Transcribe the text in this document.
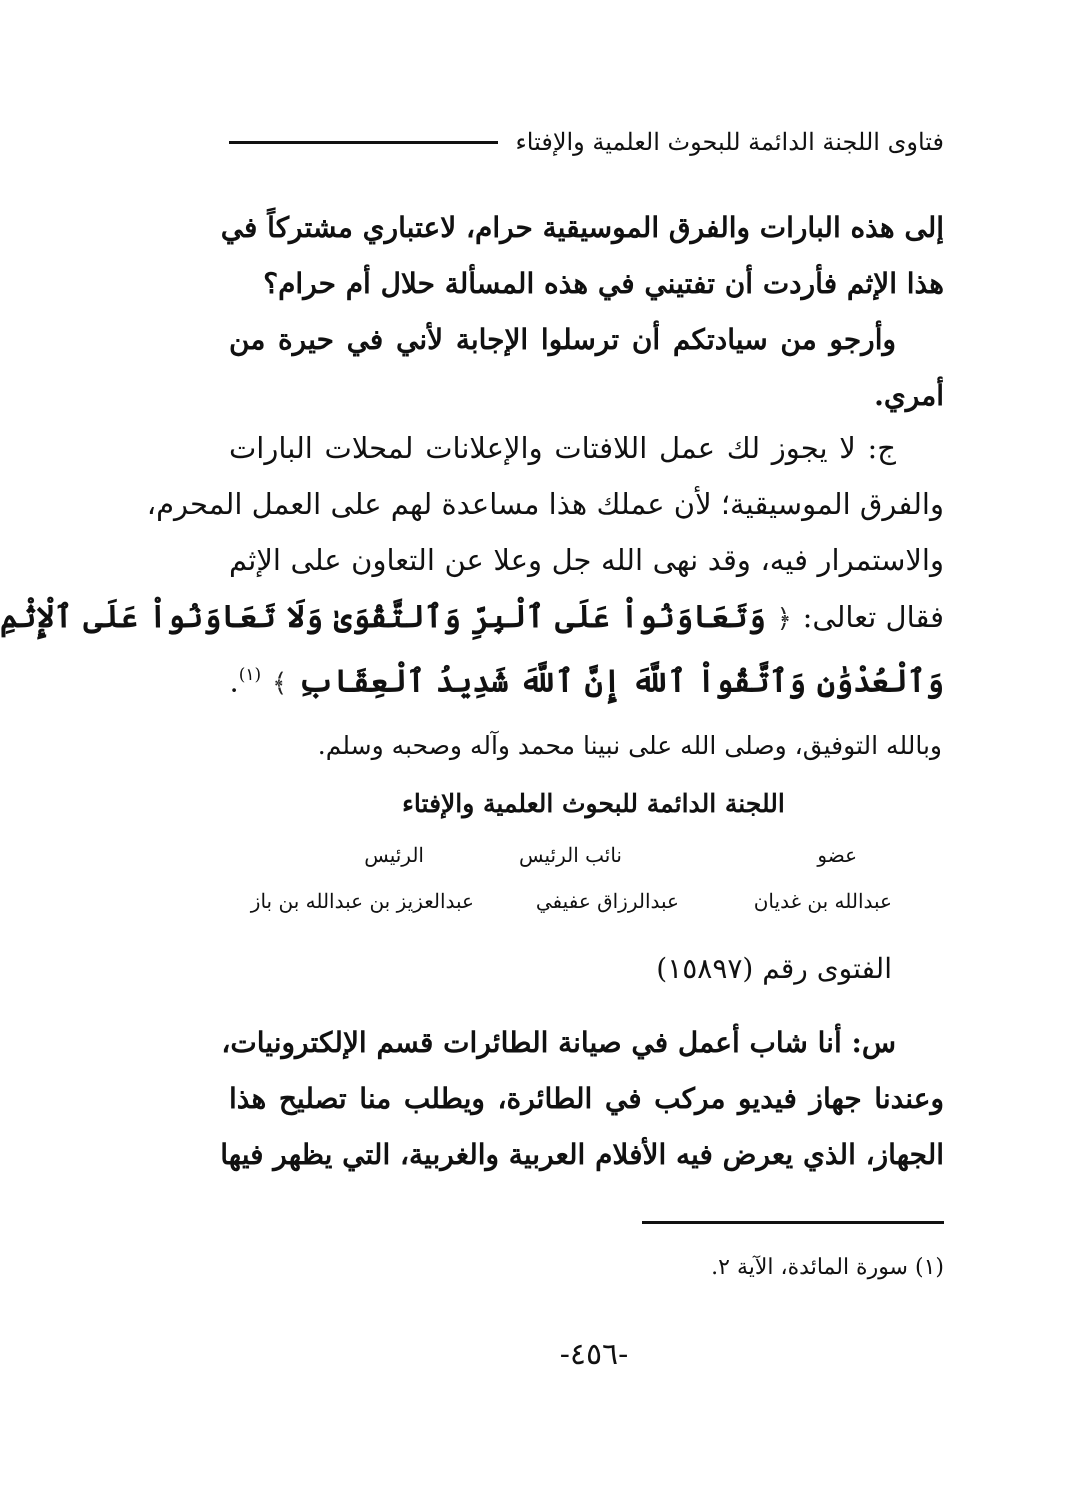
فتاوى اللجنة الدائمة للبحوث العلمية والإفتاء
إلى هذه البارات والفرق الموسيقية حرام، لاعتباري مشتركاً في
هذا الإثم فأردت أن تفتيني في هذه المسألة حلال أم حرام؟
وأرجو من سيادتكم أن ترسلوا الإجابة لأني في حيرة من
أمري.
ج: لا يجوز لك عمل اللافتات والإعلانات لمحلات البارات
والفرق الموسيقية؛ لأن عملك هذا مساعدة لهم على العمل المحرم،
والاستمرار فيه، وقد نهى الله جل وعلا عن التعاون على الإثم
فقال تعالى: ﴿ وَتَعَاوَنُواْ عَلَى ٱلْبِرِّ وَٱلتَّقْوَىٰ وَلَا تَعَاوَنُواْ عَلَى ٱلْإِثْمِ
وَٱلْعُدْوَٰنِ وَٱتَّقُواْ ٱللَّهَ إِنَّ ٱللَّهَ شَدِيدُ ٱلْعِقَابِ ﴾ $^{(١)}$.
وبالله التوفيق، وصلى الله على نبينا محمد وآله وصحبه وسلم.
اللجنة الدائمة للبحوث العلمية والإفتاء
عضو
نائب الرئيس
الرئيس
عبدالله بن غديان
عبدالرزاق عفيفي
عبدالعزيز بن عبدالله بن باز
الفتوى رقم (١٥٨٩٧)
س: أنا شاب أعمل في صيانة الطائرات قسم الإلكترونيات،
وعندنا جهاز فيديو مركب في الطائرة، ويطلب منا تصليح هذا
الجهاز، الذي يعرض فيه الأفلام العربية والغربية، التي يظهر فيها
(١) سورة المائدة، الآية ٢.
-٤٥٦-
